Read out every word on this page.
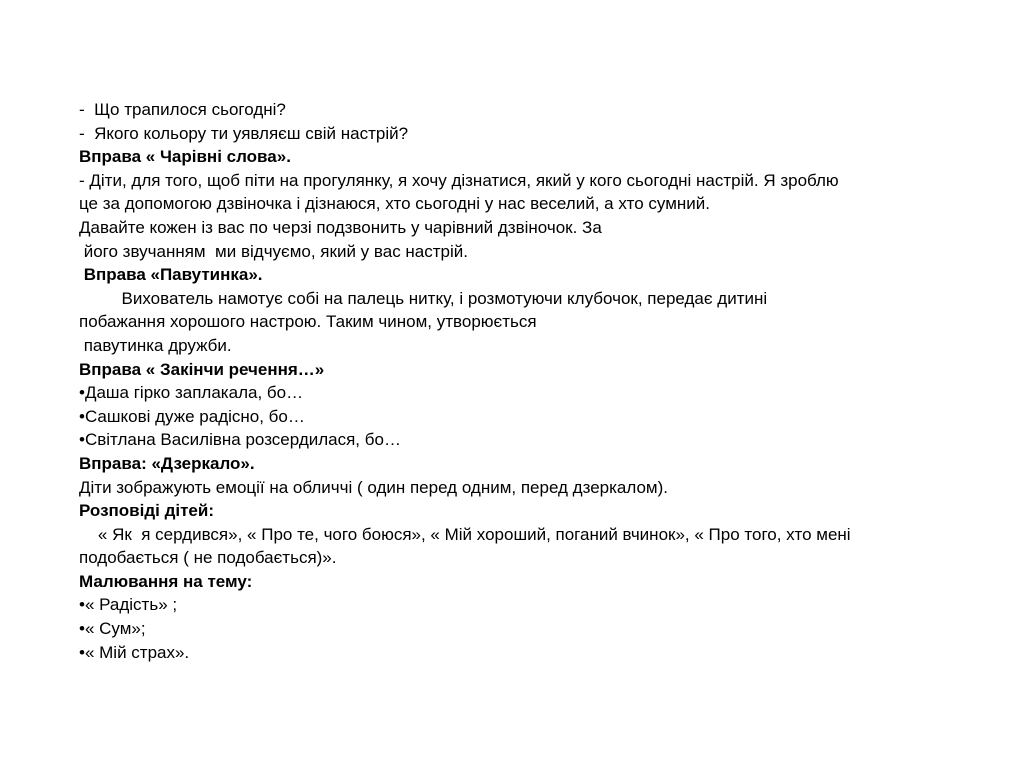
-  Що трапилося сьогодні?
-  Якого кольору ти уявляєш свій настрій?
Вправа « Чарівні слова».
- Діти, для того, щоб піти на прогулянку, я хочу дізнатися, який у кого сьогодні настрій. Я зроблю
це за допомогою дзвіночка і дізнаюся, хто сьогодні у нас веселий, а хто сумний.
Давайте кожен із вас по черзі подзвонить у чарівний дзвіночок. За
його звучанням  ми відчуємо, який у вас настрій.
Вправа «Павутинка».
Вихователь намотує собі на палець нитку, і розмотуючи клубочок, передає дитині
побажання хорошого настрою. Таким чином, утворюється
павутинка дружби.
Вправа « Закінчи речення…»
•Даша гірко заплакала, бо…
•Сашкові дуже радісно, бо…
•Світлана Василівна розсердилася, бо…
Вправа: «Дзеркало».
Діти зображують емоції на обличчі ( один перед одним, перед дзеркалом).
Розповіді дітей:
« Як  я сердився», « Про те, чого боюся», « Мій хороший, поганий вчинок», « Про того, хто мені
подобається ( не подобається)».
Малювання на тему:
•« Радість» ;
•« Сум»;
•« Мій страх».
